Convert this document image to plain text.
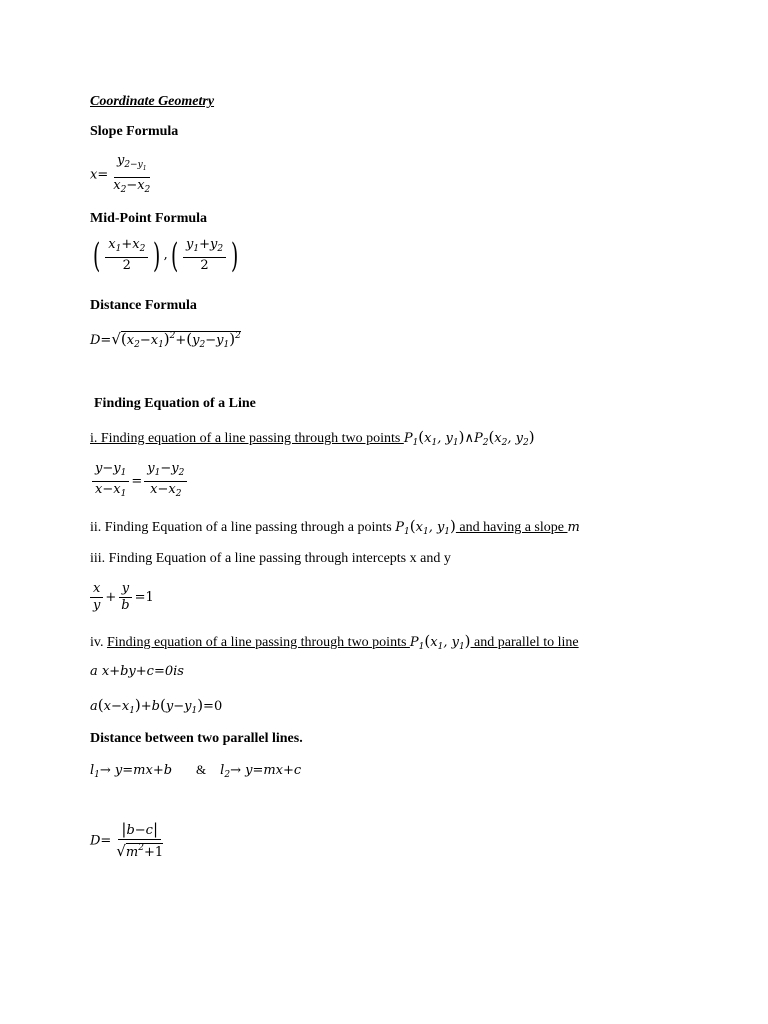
Coordinate Geometry
Slope Formula
$x= \frac{y_{2-y_1}}{x_2-x_2}$
Mid-Point Formula
( $\frac{x_1+x_2}{2}$ ) ,( $\frac{y_1+y_2}{2}$ )
Distance Formula
$D=√(x_2-x_1)^2+(y_2-y_1)^2$
Finding Equation of a Line
i. Finding equation of a line passing through two points $P_1(x_1$, $y_1)\wedge P_2(x_2$, $y_2$)
$\frac{y-y_1}{x-x_1} = \frac{y_1-y_2}{x-x_2}$
ii. Finding Equation of a line passing through a points $P_1(x_1$, $y_1$) and having a slope m
iii. Finding Equation of a line passing through intercepts x and y
$\frac{x}{y} + \frac{y}{b} =1$
iv. Finding equation of a line passing through two points $P_1(x_1$, $y_1$) and parallel to line
a x+by+c=0is
$a(x-x_1)+b(y-y_1)=0$
Distance between two parallel lines.
$l_1\to y=mx+b$ & $l_2\to y=mx+c$
$D= \frac{|b-c|}{√m^2+1}$
